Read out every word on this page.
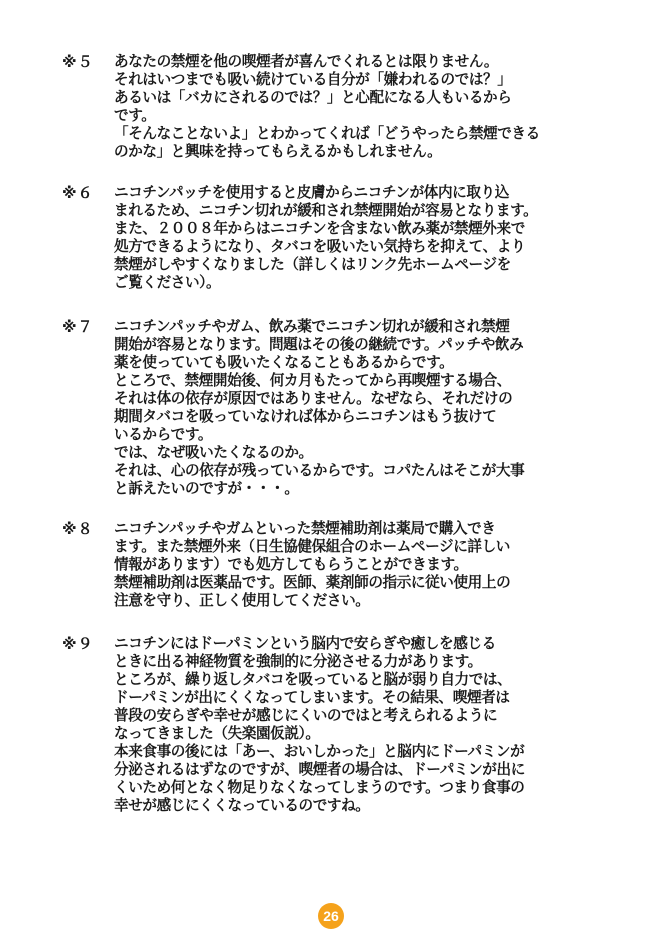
※５ あなたの禁煙を他の喫煙者が喜んでくれるとは限りません。
それはいつまでも吸い続けている自分が「嫌われるのでは？」
あるいは「バカにされるのでは？」と心配になる人もいるから
です。
「そんなことないよ」とわかってくれば「どうやったら禁煙できる
のかな」と興味を持ってもらえるかもしれません。
※６ ニコチンパッチを使用すると皮膚からニコチンが体内に取り込
まれるため、ニコチン切れが緩和され禁煙開始が容易となります。
また、２００８年からはニコチンを含まない飲み薬が禁煙外来で
処方できるようになり、タバコを吸いたい気持ちを抑えて、より
禁煙がしやすくなりました（詳しくはリンク先ホームページを
ご覧ください）。
※７ ニコチンパッチやガム、飲み薬でニコチン切れが緩和され禁煙
開始が容易となります。問題はその後の継続です。パッチや飲み
薬を使っていても吸いたくなることもあるからです。
ところで、禁煙開始後、何カ月もたってから再喫煙する場合、
それは体の依存が原因ではありません。なぜなら、それだけの
期間タバコを吸っていなければ体からニコチンはもう抜けて
いるからです。
では、なぜ吸いたくなるのか。
それは、心の依存が残っているからです。コパたんはそこが大事
と訴えたいのですが・・・。
※８ ニコチンパッチやガムといった禁煙補助剤は薬局で購入でき
ます。また禁煙外来（日生協健保組合のホームページに詳しい
情報があります）でも処方してもらうことができます。
禁煙補助剤は医薬品です。医師、薬剤師の指示に従い使用上の
注意を守り、正しく使用してください。
※９ ニコチンにはドーパミンという脳内で安らぎや癒しを感じる
ときに出る神経物質を強制的に分泌させる力があります。
ところが、繰り返しタバコを吸っていると脳が弱り自力では、
ドーパミンが出にくくなってしまいます。その結果、喫煙者は
普段の安らぎや幸せが感じにくいのではと考えられるように
なってきました（失楽園仮説）。
本来食事の後には「あー、おいしかった」と脳内にドーパミンが
分泌されるはずなのですが、喫煙者の場合は、ドーパミンが出に
くいため何となく物足りなくなってしまうのです。つまり食事の
幸せが感じにくくなっているのですね。
26
